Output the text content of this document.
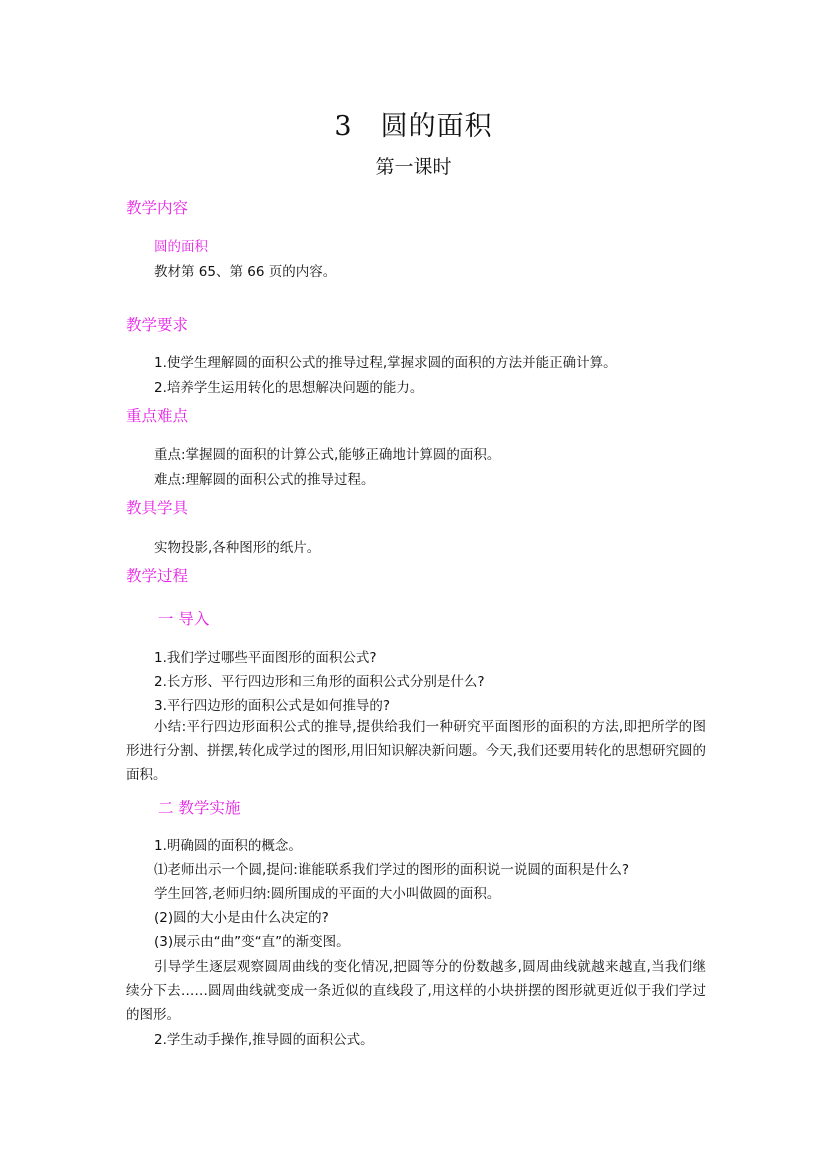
3 圆的面积
第一课时
教学内容
圆的面积
教材第 65、第 66 页的内容。
教学要求
1.使学生理解圆的面积公式的推导过程,掌握求圆的面积的方法并能正确计算。
2.培养学生运用转化的思想解决问题的能力。
重点难点
重点:掌握圆的面积的计算公式,能够正确地计算圆的面积。
难点:理解圆的面积公式的推导过程。
教具学具
实物投影,各种图形的纸片。
教学过程
一 导入
1.我们学过哪些平面图形的面积公式?
2.长方形、平行四边形和三角形的面积公式分别是什么?
3.平行四边形的面积公式是如何推导的?
小结:平行四边形面积公式的推导,提供给我们一种研究平面图形的面积的方法,即把所学的图形进行分割、拼摆,转化成学过的图形,用旧知识解决新问题。今天,我们还要用转化的思想研究圆的面积。
二 教学实施
1.明确圆的面积的概念。
⑴老师出示一个圆,提问:谁能联系我们学过的图形的面积说一说圆的面积是什么?
学生回答,老师归纳:圆所围成的平面的大小叫做圆的面积。
(2)圆的大小是由什么决定的?
(3)展示由“曲”变“直”的渐变图。
引导学生逐层观察圆周曲线的变化情况,把圆等分的份数越多,圆周曲线就越来越直,当我们继续分下去……圆周曲线就变成一条近似的直线段了,用这样的小块拼摆的图形就更近似于我们学过的图形。
2.学生动手操作,推导圆的面积公式。
